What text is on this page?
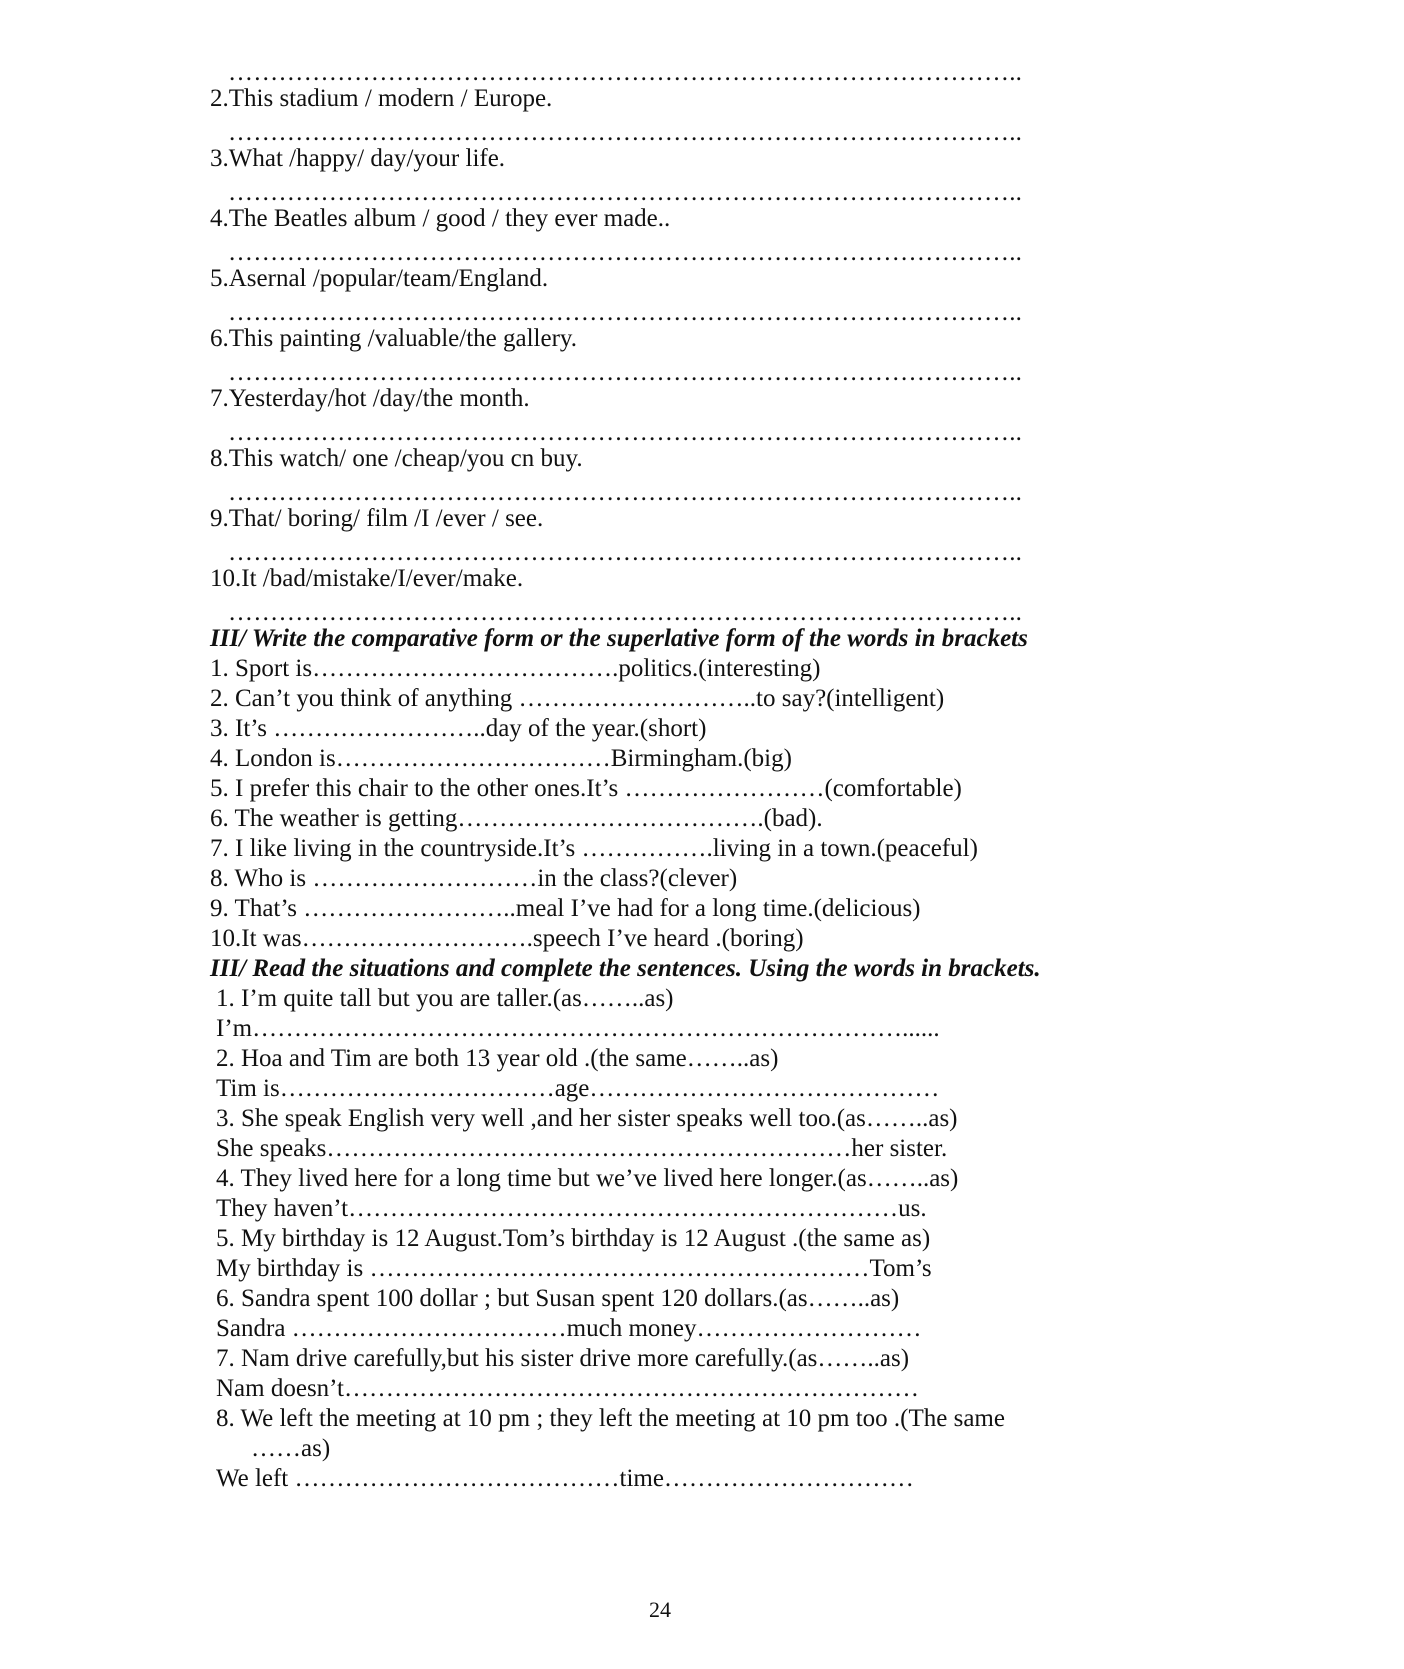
…………………………………………………………………………………..
2.This stadium / modern / Europe.
…………………………………………………………………………………..
3.What /happy/ day/your life.
…………………………………………………………………………………..
4.The Beatles album / good / they ever made..
…………………………………………………………………………………..
5.Asernal /popular/team/England.
…………………………………………………………………………………..
6.This painting /valuable/the gallery.
…………………………………………………………………………………..
7.Yesterday/hot /day/the month.
…………………………………………………………………………………..
8.This watch/ one /cheap/you cn buy.
…………………………………………………………………………………..
9.That/ boring/ film /I /ever / see.
…………………………………………………………………………………..
10.It /bad/mistake/I/ever/make.
…………………………………………………………………………………..
III/ Write the comparative form or the superlative form of the words in brackets
1. Sport is……………………………….politics.(interesting)
2. Can’t you think of anything ………………………..to say?(intelligent)
3. It’s ……………………..day of the year.(short)
4. London is……………………………Birmingham.(big)
5. I prefer this chair to the other ones.It’s ……………………(comfortable)
6. The weather is getting……………………………….(bad).
7. I like living in the countryside.It’s …………….living in a town.(peaceful)
8. Who is ………………………in the class?(clever)
9. That’s ……………………..meal I’ve had for a long time.(delicious)
10.It was……………………….speech I’ve heard .(boring)
III/ Read the situations and complete the sentences. Using the words in brackets.
1. I’m quite tall but you are taller.(as……..as)
I’m……………………………………………………………………......
2. Hoa and Tim are both 13 year old .(the same……..as)
Tim is……………………………age……………………………………
3. She speak English very well ,and her sister speaks well too.(as……..as)
She speaks………………………………………………………her sister.
4. They lived here for a long time but we’ve lived here longer.(as……..as)
They haven’t…………………………………………………………us.
5. My birthday is 12 August.Tom’s birthday is 12 August .(the same as)
My birthday is ……………………………………………………Tom’s
6. Sandra spent 100 dollar ; but Susan spent 120 dollars.(as……..as)
Sandra ……………………………much money………………………
7. Nam drive carefully,but his sister drive more carefully.(as……..as)
Nam doesn’t……………………………………………………………
8. We left the meeting at 10 pm ; they left the meeting at 10 pm too .(The same
……as)
We left …………………………………time…………………………
24
